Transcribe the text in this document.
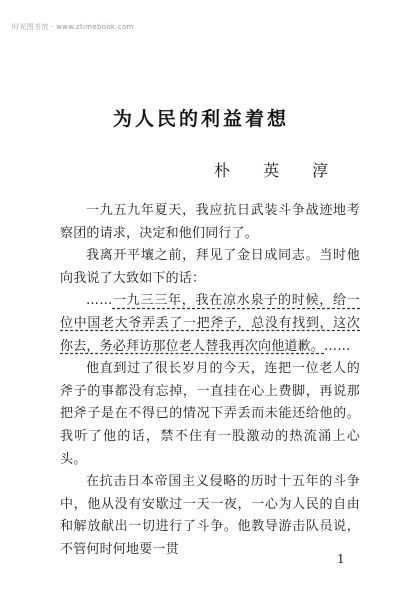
时光图书馆 · www.ztimebook.com
为人民的利益着想
朴 英 淳

一九五九年夏天，我应抗日武装斗争战迹地考察团的请求，决定和他们同行了。

我离开平壤之前，拜见了金日成同志。当时他向我说了大致如下的话：

……一九三三年，我在凉水泉子的时候，给一位中国老大爷弄丢了一把斧子，总没有找到，这次你去，务必拜访那位老人替我再次向他道歉。……

他直到过了很长岁月的今天，连把一位老人的斧子的事都没有忘掉，一直挂在心上费脚，再说那把斧子是在不得已的情况下弄丢而未能还给他的。我听了他的话，禁不住有一股激动的热流涌上心头。

在抗击日本帝国主义侵略的历时十五年的斗争中，他从没有安歇过一天一夜，一心为人民的自由和解放献出一切进行了斗争。他教导游击队员说，不管何时何地要一贯

1
